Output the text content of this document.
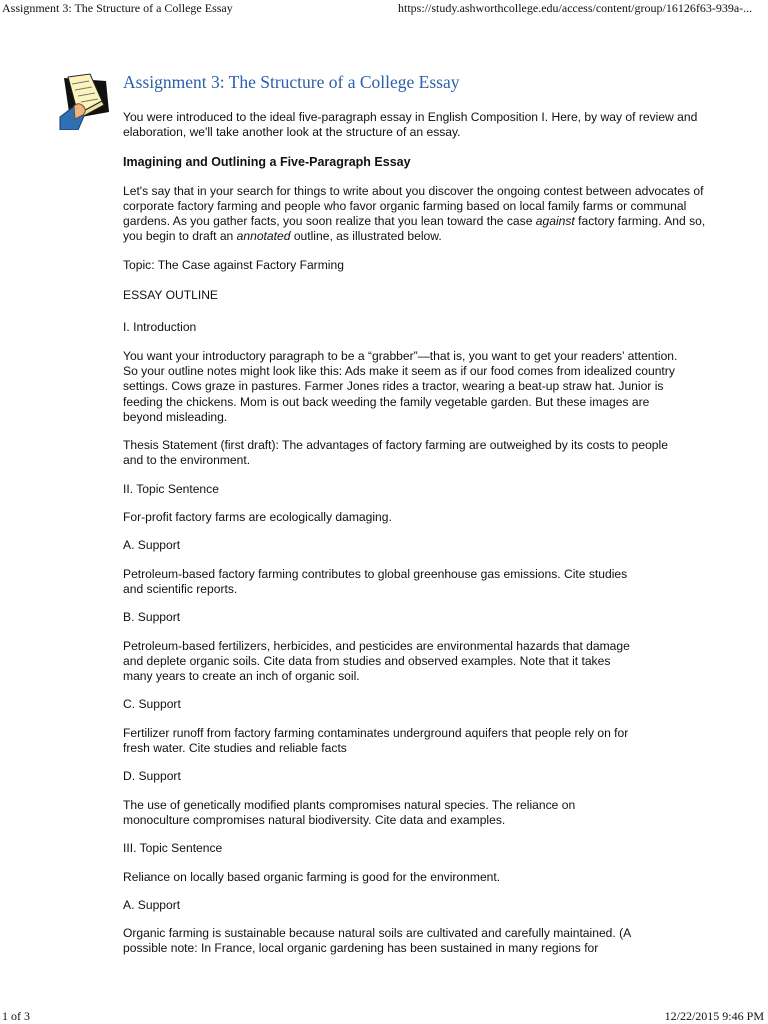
Assignment 3: The Structure of a College Essay	https://study.ashworthcollege.edu/access/content/group/16126f63-939a-...
Assignment 3: The Structure of a College Essay

You were introduced to the ideal five-paragraph essay in English Composition I. Here, by way of review and elaboration, we'll take another look at the structure of an essay.

Imagining and Outlining a Five-Paragraph Essay

Let's say that in your search for things to write about you discover the ongoing contest between advocates of corporate factory farming and people who favor organic farming based on local family farms or communal gardens. As you gather facts, you soon realize that you lean toward the case against factory farming. And so, you begin to draft an annotated outline, as illustrated below.

Topic: The Case against Factory Farming

ESSAY OUTLINE

I. Introduction

You want your introductory paragraph to be a “grabber”—that is, you want to get your readers’ attention. So your outline notes might look like this: Ads make it seem as if our food comes from idealized country settings. Cows graze in pastures. Farmer Jones rides a tractor, wearing a beat-up straw hat. Junior is feeding the chickens. Mom is out back weeding the family vegetable garden. But these images are beyond misleading.

Thesis Statement (first draft): The advantages of factory farming are outweighed by its costs to people and to the environment.

II. Topic Sentence

For-profit factory farms are ecologically damaging.

A. Support

Petroleum-based factory farming contributes to global greenhouse gas emissions. Cite studies and scientific reports.

B. Support

Petroleum-based fertilizers, herbicides, and pesticides are environmental hazards that damage and deplete organic soils. Cite data from studies and observed examples. Note that it takes many years to create an inch of organic soil.

C. Support

Fertilizer runoff from factory farming contaminates underground aquifers that people rely on for fresh water. Cite studies and reliable facts

D. Support

The use of genetically modified plants compromises natural species. The reliance on monoculture compromises natural biodiversity. Cite data and examples.

III. Topic Sentence

Reliance on locally based organic farming is good for the environment.

A. Support

Organic farming is sustainable because natural soils are cultivated and carefully maintained. (A possible note: In France, local organic gardening has been sustained in many regions for

1 of 3	12/22/2015 9:46 PM
